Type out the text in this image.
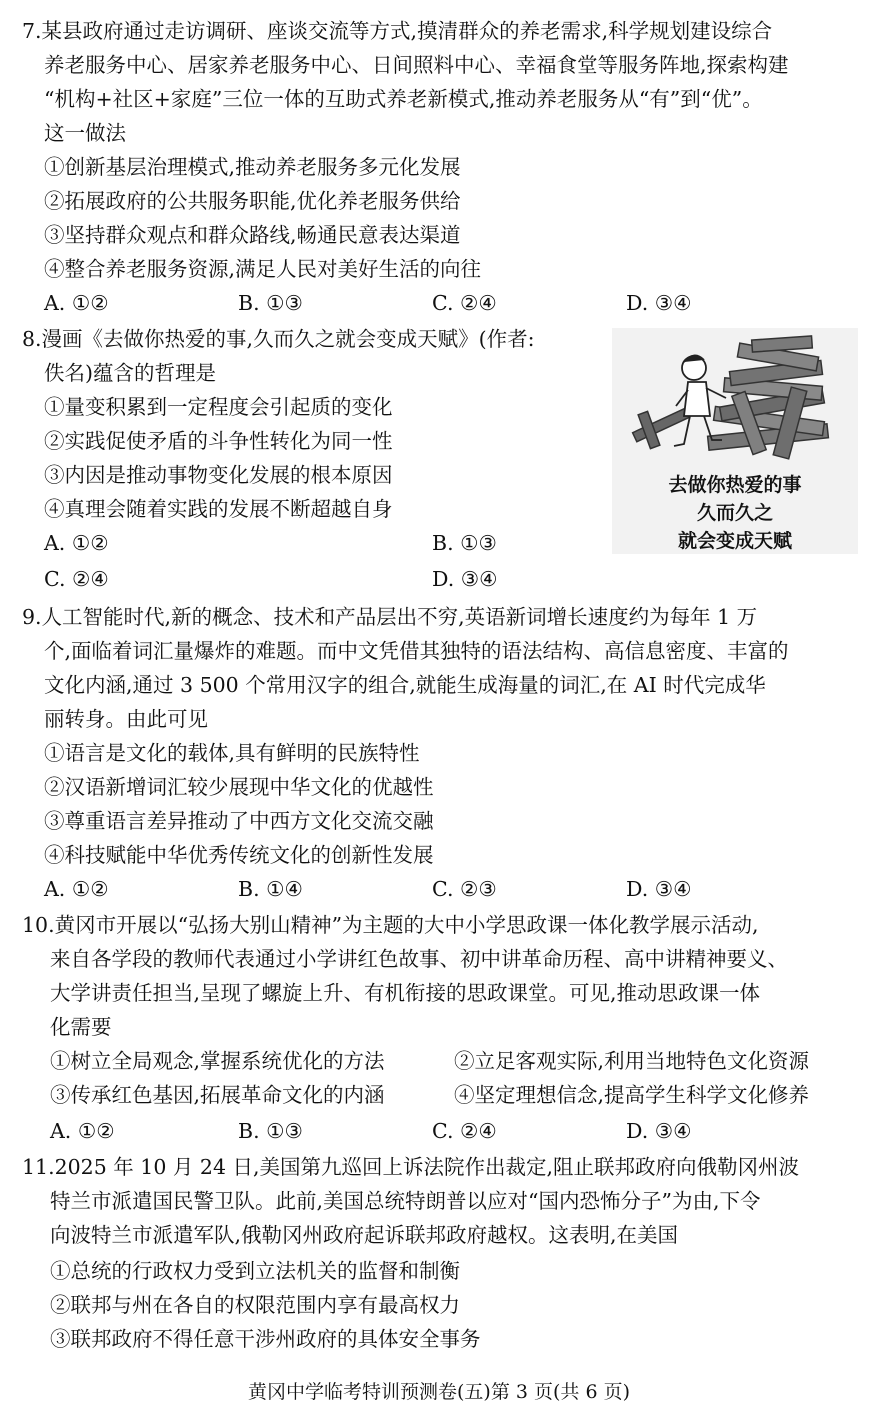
7.某县政府通过走访调研、座谈交流等方式,摸清群众的养老需求,科学规划建设综合
养老服务中心、居家养老服务中心、日间照料中心、幸福食堂等服务阵地,探索构建
“机构+社区+家庭”三位一体的互助式养老新模式,推动养老服务从“有”到“优”。
这一做法
①创新基层治理模式,推动养老服务多元化发展
②拓展政府的公共服务职能,优化养老服务供给
③坚持群众观点和群众路线,畅通民意表达渠道
④整合养老服务资源,满足人民对美好生活的向往
A. ①②	B. ①③	C. ②④	D. ③④
8.漫画《去做你热爱的事,久而久之就会变成天赋》(作者:
佚名)蕴含的哲理是
①量变积累到一定程度会引起质的变化
②实践促使矛盾的斗争性转化为同一性
③内因是推动事物变化发展的根本原因
④真理会随着实践的发展不断超越自身
A. ①②	B. ①③
C. ②④	D. ③④
去做你热爱的事
久而久之
就会变成天赋
9.人工智能时代,新的概念、技术和产品层出不穷,英语新词增长速度约为每年 1 万
个,面临着词汇量爆炸的难题。而中文凭借其独特的语法结构、高信息密度、丰富的
文化内涵,通过 3 500 个常用汉字的组合,就能生成海量的词汇,在 AI 时代完成华
丽转身。由此可见
①语言是文化的载体,具有鲜明的民族特性
②汉语新增词汇较少展现中华文化的优越性
③尊重语言差异推动了中西方文化交流交融
④科技赋能中华优秀传统文化的创新性发展
A. ①②	B. ①④	C. ②③	D. ③④
10.黄冈市开展以“弘扬大别山精神”为主题的大中小学思政课一体化教学展示活动,
来自各学段的教师代表通过小学讲红色故事、初中讲革命历程、高中讲精神要义、
大学讲责任担当,呈现了螺旋上升、有机衔接的思政课堂。可见,推动思政课一体
化需要
①树立全局观念,掌握系统优化的方法	②立足客观实际,利用当地特色文化资源
③传承红色基因,拓展革命文化的内涵	④坚定理想信念,提高学生科学文化修养
A. ①②	B. ①③	C. ②④	D. ③④
11.2025 年 10 月 24 日,美国第九巡回上诉法院作出裁定,阻止联邦政府向俄勒冈州波
特兰市派遣国民警卫队。此前,美国总统特朗普以应对“国内恐怖分子”为由,下令
向波特兰市派遣军队,俄勒冈州政府起诉联邦政府越权。这表明,在美国
①总统的行政权力受到立法机关的监督和制衡
②联邦与州在各自的权限范围内享有最高权力
③联邦政府不得任意干涉州政府的具体安全事务
黄冈中学临考特训预测卷(五)第 3 页(共 6 页)
